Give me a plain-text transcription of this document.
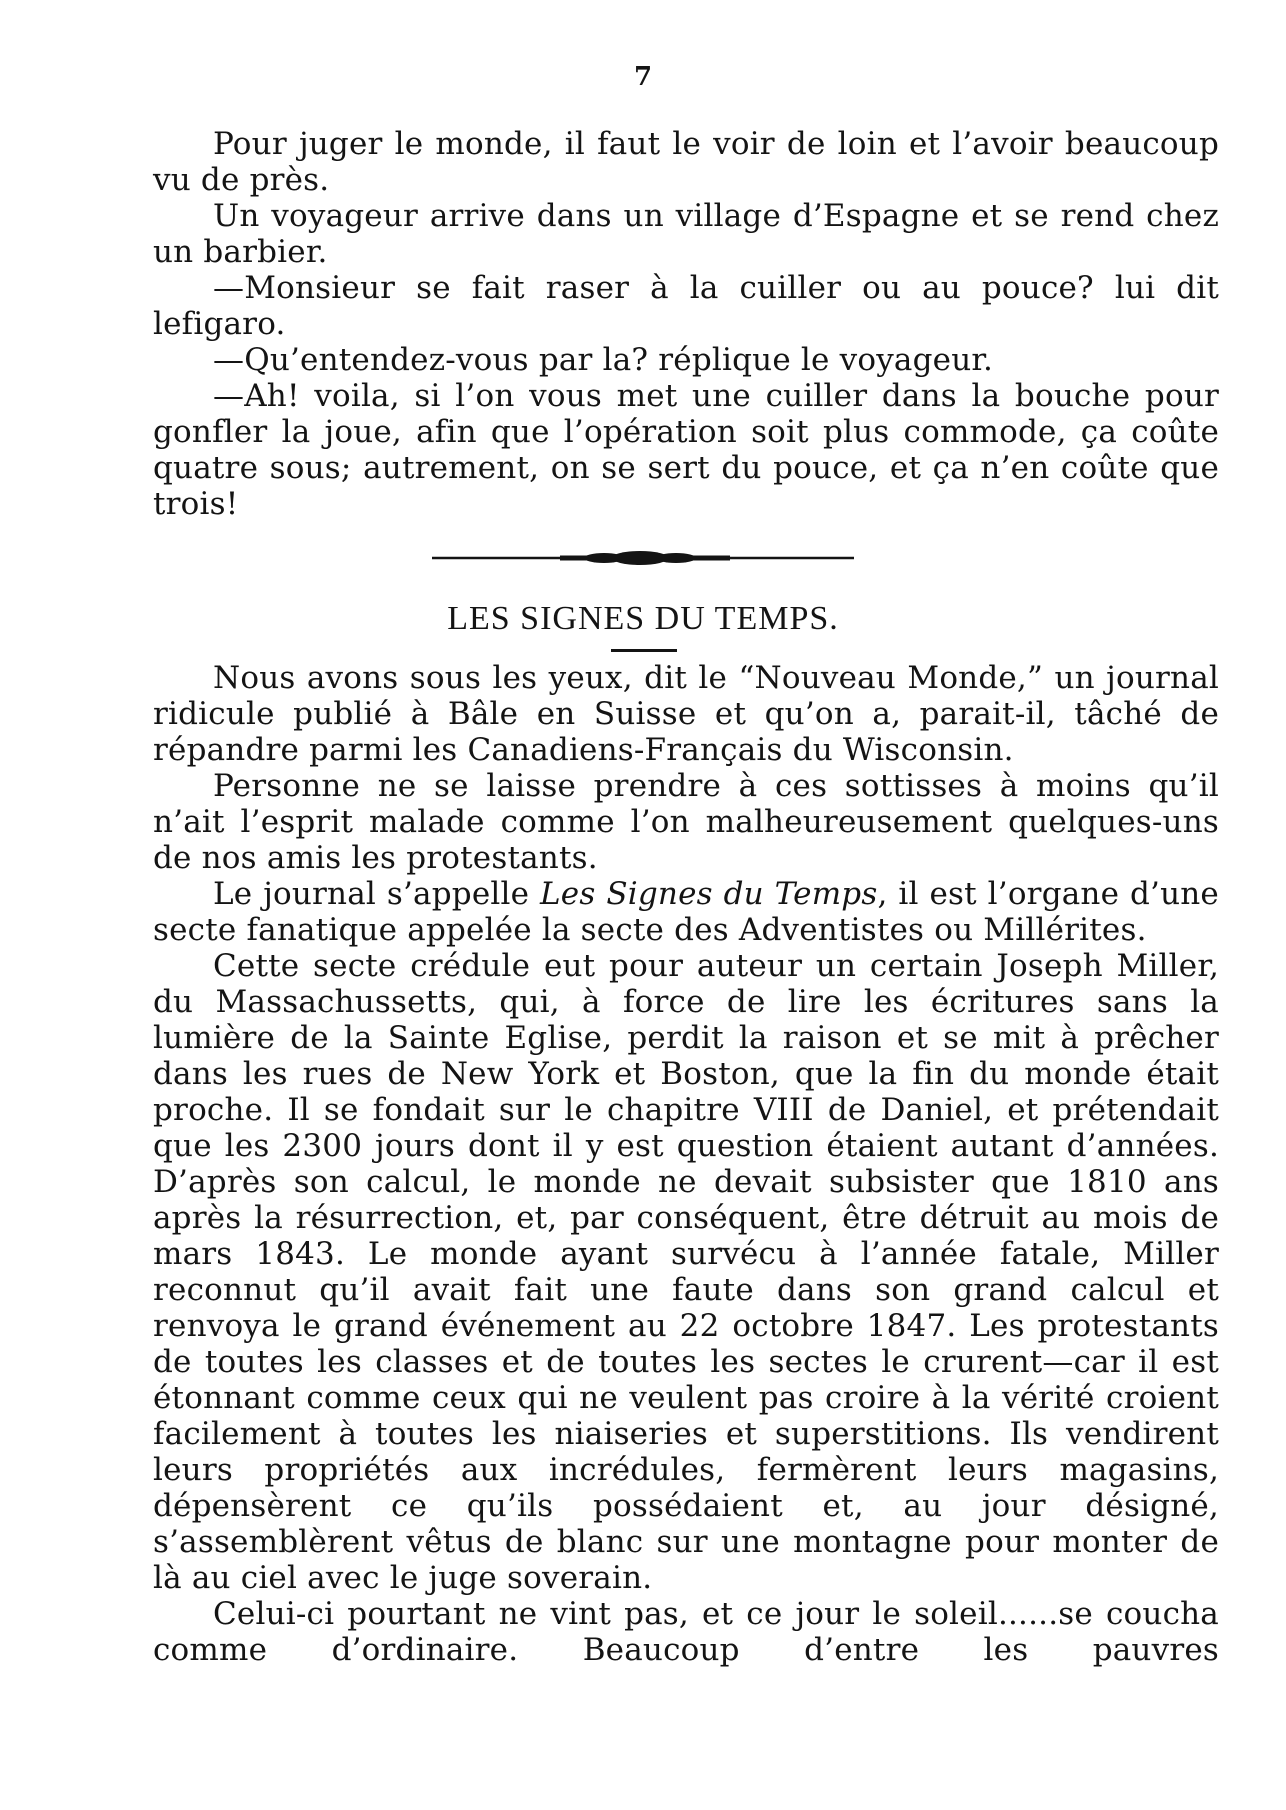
7

Pour juger le monde, il faut le voir de loin et l’avoir beaucoup vu de près.

Un voyageur arrive dans un village d’Espagne et se rend chez un barbier.

—Monsieur se fait raser à la cuiller ou au pouce? lui dit lefigaro.

—Qu’entendez-vous par la? réplique le voyageur.

—Ah! voila, si l’on vous met une cuiller dans la bouche pour gonfler la joue, afin que l’opération soit plus commode, ça coûte quatre sous; autrement, on se sert du pouce, et ça n’en coûte que trois!

LES SIGNES DU TEMPS.

Nous avons sous les yeux, dit le “Nouveau Monde,” un journal ridicule publié à Bâle en Suisse et qu’on a, parait-il, tâché de répandre parmi les Canadiens-Français du Wisconsin.

Personne ne se laisse prendre à ces sottisses à moins qu’il n’ait l’esprit malade comme l’on malheureusement quelques-uns de nos amis les protestants.

Le journal s’appelle Les Signes du Temps, il est l’organe d’une secte fanatique appelée la secte des Adventistes ou Millérites.

Cette secte crédule eut pour auteur un certain Joseph Miller, du Massachussetts, qui, à force de lire les écritures sans la lumière de la Sainte Eglise, perdit la raison et se mit à prêcher dans les rues de New York et Boston, que la fin du monde était proche. Il se fondait sur le chapitre VIII de Daniel, et prétendait que les 2300 jours dont il y est question étaient autant d’années. D’après son calcul, le monde ne devait subsister que 1810 ans après la résurrection, et, par conséquent, être détruit au mois de mars 1843. Le monde ayant survécu à l’année fatale, Miller reconnut qu’il avait fait une faute dans son grand calcul et renvoya le grand événement au 22 octobre 1847. Les protestants de toutes les classes et de toutes les sectes le crurent—car il est étonnant comme ceux qui ne veulent pas croire à la vérité croient facilement à toutes les niaiseries et superstitions. Ils vendirent leurs propriétés aux incrédules, fermèrent leurs magasins, dépensèrent ce qu’ils possédaient et, au jour désigné, s’assemblèrent vêtus de blanc sur une montagne pour monter de là au ciel avec le juge soverain.

Celui-ci pourtant ne vint pas, et ce jour le soleil......se coucha comme d’ordinaire. Beaucoup d’entre les pauvres
